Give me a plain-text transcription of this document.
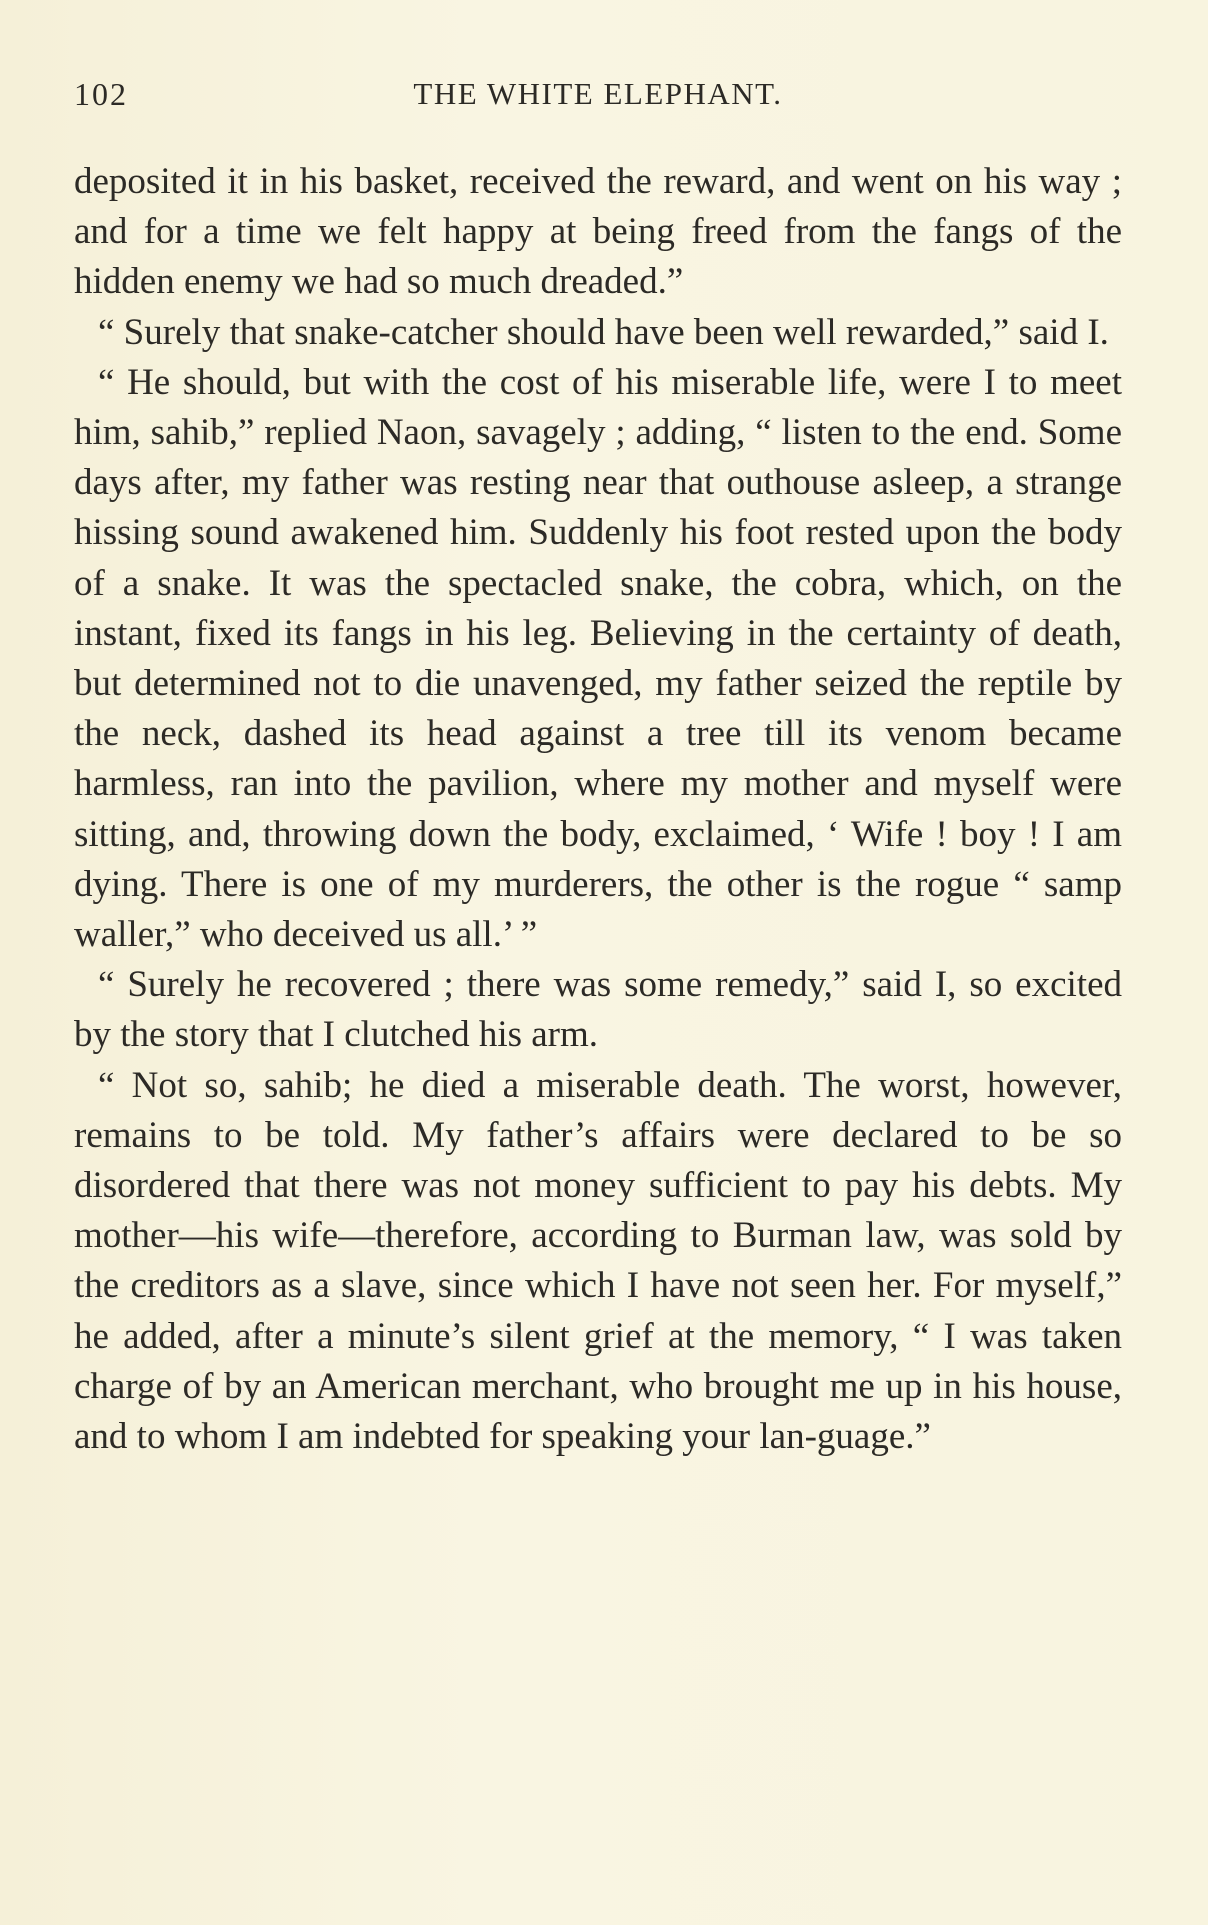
102	THE WHITE ELEPHANT.

deposited it in his basket, received the reward, and went on his way ; and for a time we felt happy at being freed from the fangs of the hidden enemy we had so much dreaded.”

“ Surely that snake-catcher should have been well rewarded,” said I.

“ He should, but with the cost of his miserable life, were I to meet him, sahib,” replied Naon, savagely ; adding, “ listen to the end. Some days after, my father was resting near that outhouse asleep, a strange hissing sound awakened him. Suddenly his foot rested upon the body of a snake. It was the spectacled snake, the cobra, which, on the instant, fixed its fangs in his leg. Believing in the certainty of death, but determined not to die unavenged, my father seized the reptile by the neck, dashed its head against a tree till its venom became harmless, ran into the pavilion, where my mother and myself were sitting, and, throwing down the body, exclaimed, ‘ Wife ! boy ! I am dying. There is one of my murderers, the other is the rogue “ samp waller,” who deceived us all.’ ”

“ Surely he recovered ; there was some remedy,” said I, so excited by the story that I clutched his arm.

“ Not so, sahib; he died a miserable death. The worst, however, remains to be told. My father’s affairs were declared to be so disordered that there was not money sufficient to pay his debts. My mother—his wife—therefore, according to Burman law, was sold by the creditors as a slave, since which I have not seen her. For myself,” he added, after a minute’s silent grief at the memory, “ I was taken charge of by an American merchant, who brought me up in his house, and to whom I am indebted for speaking your lan-guage.”
